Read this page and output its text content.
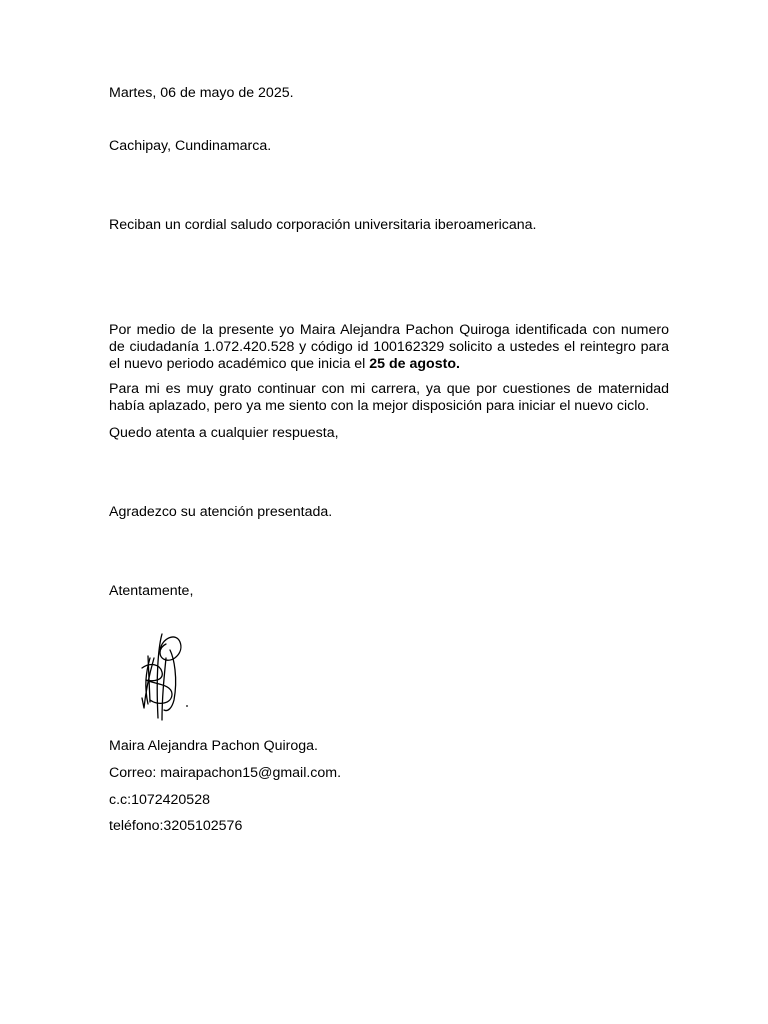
Martes, 06 de mayo de 2025.

Cachipay, Cundinamarca.

Reciban un cordial saludo corporación universitaria iberoamericana.

Por medio de la presente yo Maira Alejandra Pachon Quiroga identificada con numero de ciudadanía 1.072.420.528 y código id 100162329 solicito a ustedes el reintegro para el nuevo periodo académico que inicia el 25 de agosto.

Para mi es muy grato continuar con mi carrera, ya que por cuestiones de maternidad había aplazado, pero ya me siento con la mejor disposición para iniciar el nuevo ciclo.

Quedo atenta a cualquier respuesta,

Agradezco su atención presentada.

Atentamente,

Maira Alejandra Pachon Quiroga.

Correo: mairapachon15@gmail.com.

c.c:1072420528

teléfono:3205102576
